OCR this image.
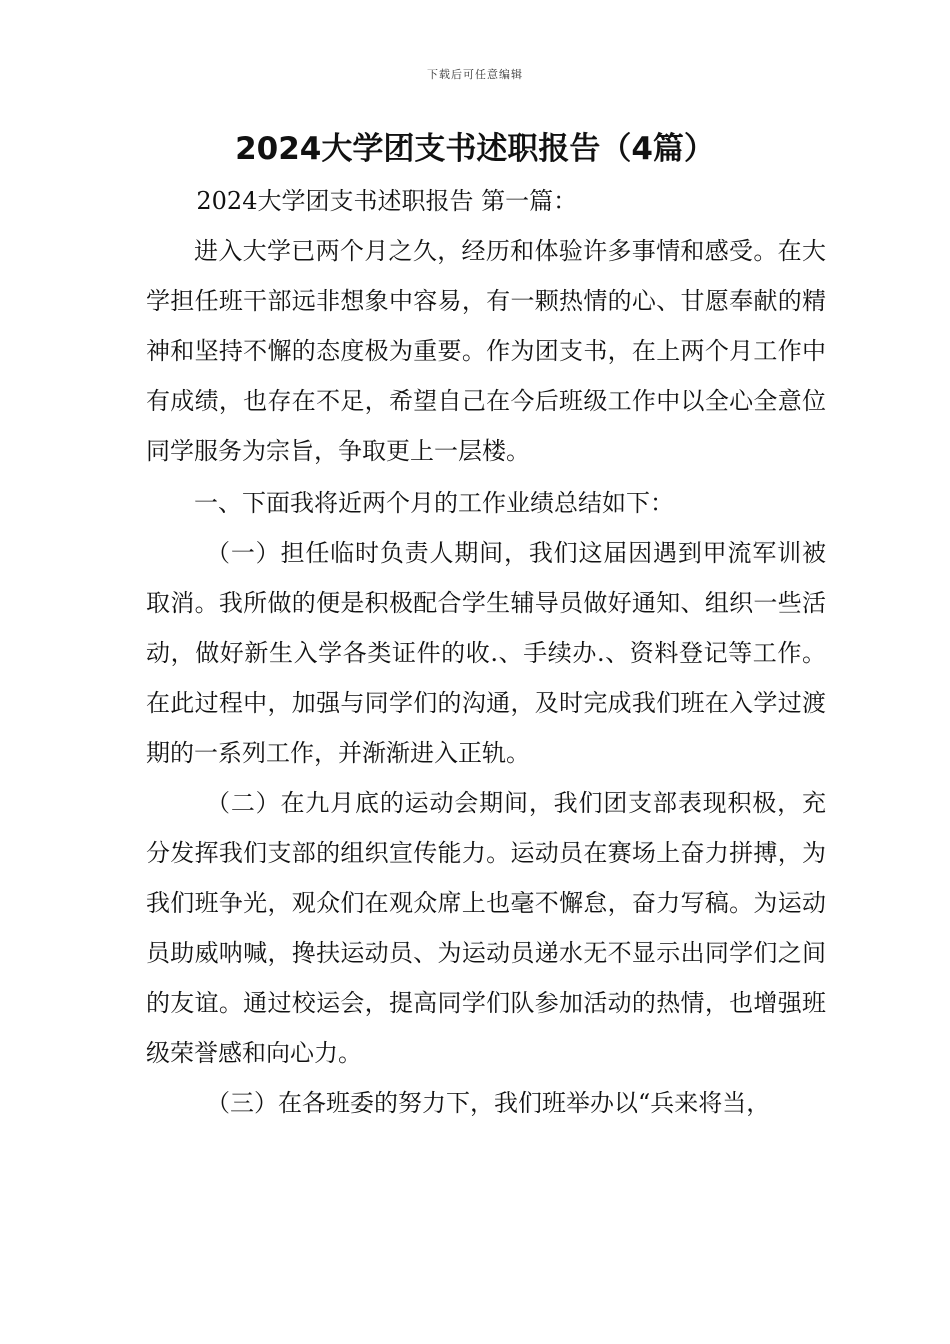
下载后可任意编辑
2024大学团支书述职报告（4篇）

2024大学团支书述职报告 第一篇：

进入大学已两个月之久，经历和体验许多事情和感受。在大学担任班干部远非想象中容易，有一颗热情的心、甘愿奉献的精神和坚持不懈的态度极为重要。作为团支书，在上两个月工作中有成绩，也存在不足，希望自己在今后班级工作中以全心全意位同学服务为宗旨，争取更上一层楼。

一、下面我将近两个月的工作业绩总结如下：

（一）担任临时负责人期间，我们这届因遇到甲流军训被取消。我所做的便是积极配合学生辅导员做好通知、组织一些活动，做好新生入学各类证件的收.、手续办.、资料登记等工作。在此过程中，加强与同学们的沟通，及时完成我们班在入学过渡期的一系列工作，并渐渐进入正轨。

（二）在九月底的运动会期间，我们团支部表现积极，充分发挥我们支部的组织宣传能力。运动员在赛场上奋力拼搏，为我们班争光，观众们在观众席上也毫不懈怠，奋力写稿。为运动员助威呐喊，搀扶运动员、为运动员递水无不显示出同学们之间的友谊。通过校运会，提高同学们队参加活动的热情，也增强班级荣誉感和向心力。

（三）在各班委的努力下，我们班举办以“兵来将当，
